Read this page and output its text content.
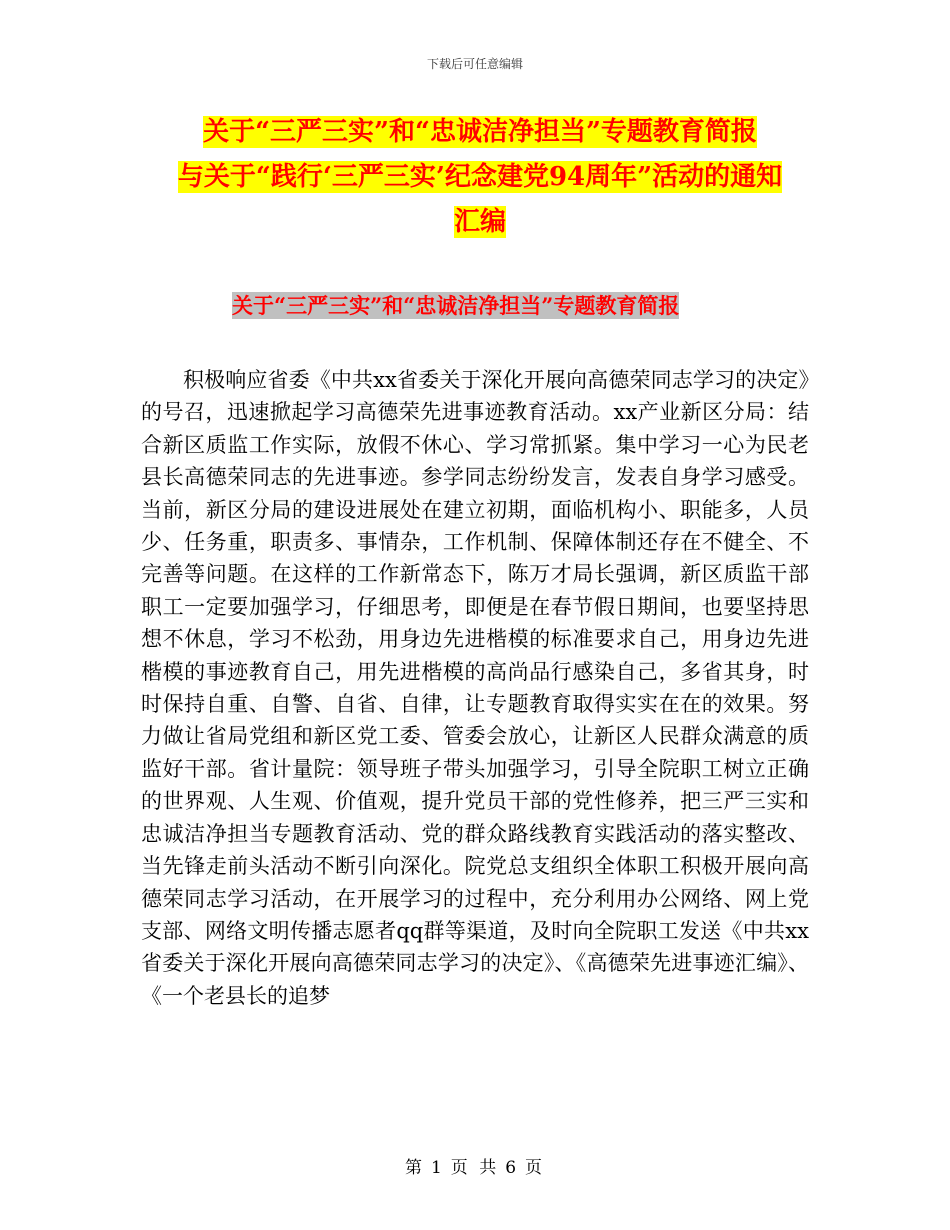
下载后可任意编辑
关于“三严三实”和“忠诚洁净担当”专题教育简报
与关于“践行‘三严三实’纪念建党94周年”活动的通知
汇编
关于“三严三实”和“忠诚洁净担当”专题教育简报

积极响应省委《中共xx省委关于深化开展向高德荣同志学习的决定》的号召，迅速掀起学习高德荣先进事迹教育活动。xx产业新区分局：结合新区质监工作实际，放假不休心、学习常抓紧。集中学习一心为民老县长高德荣同志的先进事迹。参学同志纷纷发言，发表自身学习感受。当前，新区分局的建设进展处在建立初期，面临机构小、职能多，人员少、任务重，职责多、事情杂，工作机制、保障体制还存在不健全、不完善等问题。在这样的工作新常态下，陈万才局长强调，新区质监干部职工一定要加强学习，仔细思考，即便是在春节假日期间，也要坚持思想不休息，学习不松劲，用身边先进楷模的标准要求自己，用身边先进楷模的事迹教育自己，用先进楷模的高尚品行感染自己，多省其身，时时保持自重、自警、自省、自律，让专题教育取得实实在在的效果。努力做让省局党组和新区党工委、管委会放心，让新区人民群众满意的质监好干部。省计量院：领导班子带头加强学习，引导全院职工树立正确的世界观、人生观、价值观，提升党员干部的党性修养，把三严三实和忠诚洁净担当专题教育活动、党的群众路线教育实践活动的落实整改、当先锋走前头活动不断引向深化。院党总支组织全体职工积极开展向高德荣同志学习活动，在开展学习的过程中，充分利用办公网络、网上党支部、网络文明传播志愿者qq群等渠道，及时向全院职工发送《中共xx省委关于深化开展向高德荣同志学习的决定》、《高德荣先进事迹汇编》、《一个老县长的追梦

第 1 页 共 6 页
